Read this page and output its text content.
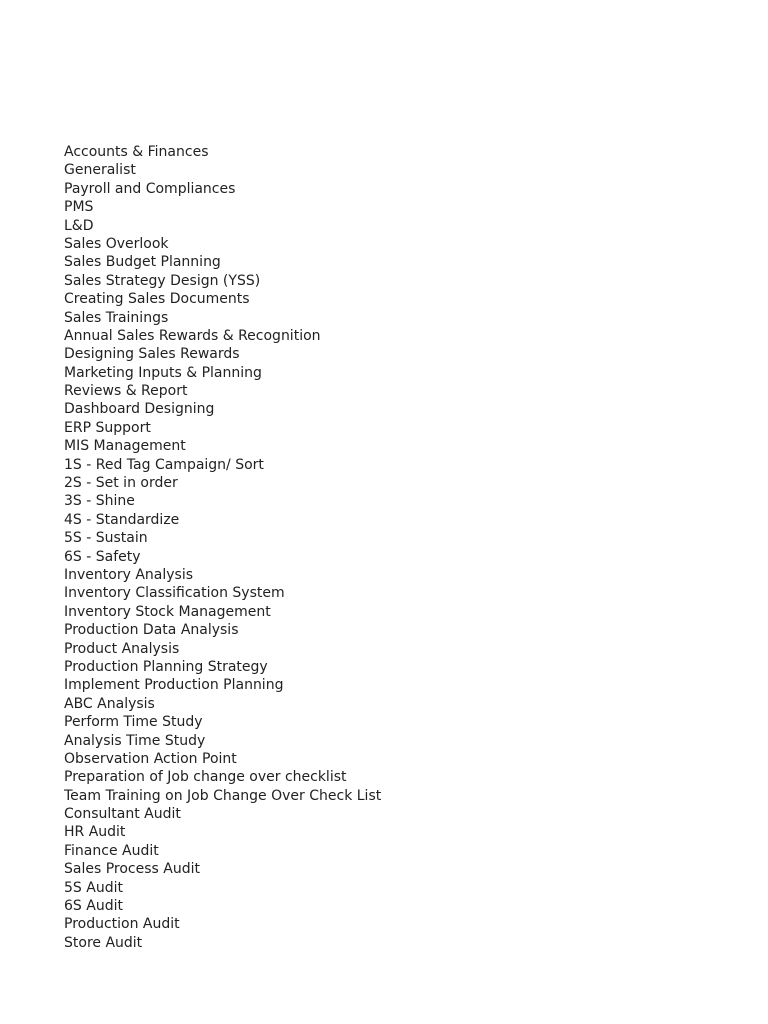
Accounts & Finances
Generalist
Payroll and Compliances
PMS
L&D
Sales Overlook
Sales Budget Planning
Sales Strategy Design (YSS)
Creating Sales Documents
Sales Trainings
Annual Sales Rewards & Recognition
Designing Sales Rewards
Marketing Inputs & Planning
Reviews & Report
Dashboard Designing
ERP Support
MIS Management
1S - Red Tag Campaign/ Sort
2S - Set in order
3S - Shine
4S - Standardize
5S - Sustain
6S - Safety
Inventory Analysis
Inventory Classification System
Inventory Stock Management
Production Data Analysis
Product Analysis
Production Planning Strategy
Implement Production Planning
ABC Analysis
Perform Time Study
Analysis Time Study
Observation Action Point
Preparation of Job change over checklist
Team Training on Job Change Over Check List
Consultant Audit
HR Audit
Finance Audit
Sales Process Audit
5S Audit
6S Audit
Production Audit
Store Audit
